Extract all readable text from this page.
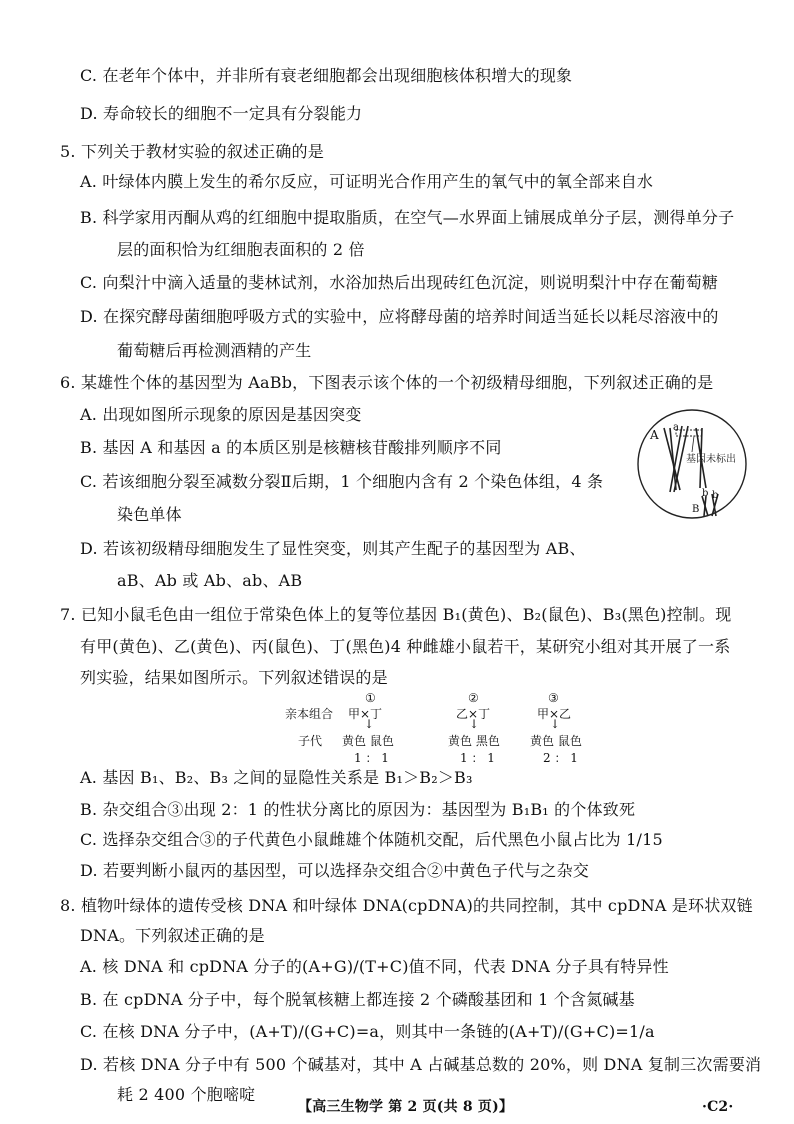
C. 在老年个体中，并非所有衰老细胞都会出现细胞核体积增大的现象
D. 寿命较长的细胞不一定具有分裂能力
5. 下列关于教材实验的叙述正确的是
A. 叶绿体内膜上发生的希尔反应，可证明光合作用产生的氧气中的氧全部来自水
B. 科学家用丙酮从鸡的红细胞中提取脂质，在空气—水界面上铺展成单分子层，测得单分子
层的面积恰为红细胞表面积的 2 倍
C. 向梨汁中滴入适量的斐林试剂，水浴加热后出现砖红色沉淀，则说明梨汁中存在葡萄糖
D. 在探究酵母菌细胞呼吸方式的实验中，应将酵母菌的培养时间适当延长以耗尽溶液中的
葡萄糖后再检测酒精的产生
6. 某雄性个体的基因型为 AaBb，下图表示该个体的一个初级精母细胞，下列叙述正确的是
A. 出现如图所示现象的原因是基因突变
B. 基因 A 和基因 a 的本质区别是核糖核苷酸排列顺序不同
C. 若该细胞分裂至减数分裂Ⅱ后期，1 个细胞内含有 2 个染色体组，4 条
染色单体
D. 若该初级精母细胞发生了显性突变，则其产生配子的基因型为 AB、
aB、Ab 或 Ab、ab、AB
A
a
基因未标出
b b
B
7. 已知小鼠毛色由一组位于常染色体上的复等位基因 B₁(黄色)、B₂(鼠色)、B₃(黑色)控制。现
有甲(黄色)、乙(黄色)、丙(鼠色)、丁(黑色)4 种雌雄小鼠若干，某研究小组对其开展了一系
列实验，结果如图所示。下列叙述错误的是
亲本组合
子代
①
甲×丁
↓
黄色 鼠色
1 ： 1
②
乙×丁
↓
黄色 黑色
1 ： 1
③
甲×乙
↓
黄色 鼠色
2 ： 1
A. 基因 B₁、B₂、B₃ 之间的显隐性关系是 B₁＞B₂＞B₃
B. 杂交组合③出现 2：1 的性状分离比的原因为：基因型为 B₁B₁ 的个体致死
C. 选择杂交组合③的子代黄色小鼠雌雄个体随机交配，后代黑色小鼠占比为 1/15
D. 若要判断小鼠丙的基因型，可以选择杂交组合②中黄色子代与之杂交
8. 植物叶绿体的遗传受核 DNA 和叶绿体 DNA(cpDNA)的共同控制，其中 cpDNA 是环状双链
DNA。下列叙述正确的是
A. 核 DNA 和 cpDNA 分子的(A+G)/(T+C)值不同，代表 DNA 分子具有特异性
B. 在 cpDNA 分子中，每个脱氧核糖上都连接 2 个磷酸基团和 1 个含氮碱基
C. 在核 DNA 分子中，(A+T)/(G+C)=a，则其中一条链的(A+T)/(G+C)=1/a
D. 若核 DNA 分子中有 500 个碱基对，其中 A 占碱基总数的 20%，则 DNA 复制三次需要消
耗 2 400 个胞嘧啶
【高三生物学 第 2 页(共 8 页)】	·C2·
